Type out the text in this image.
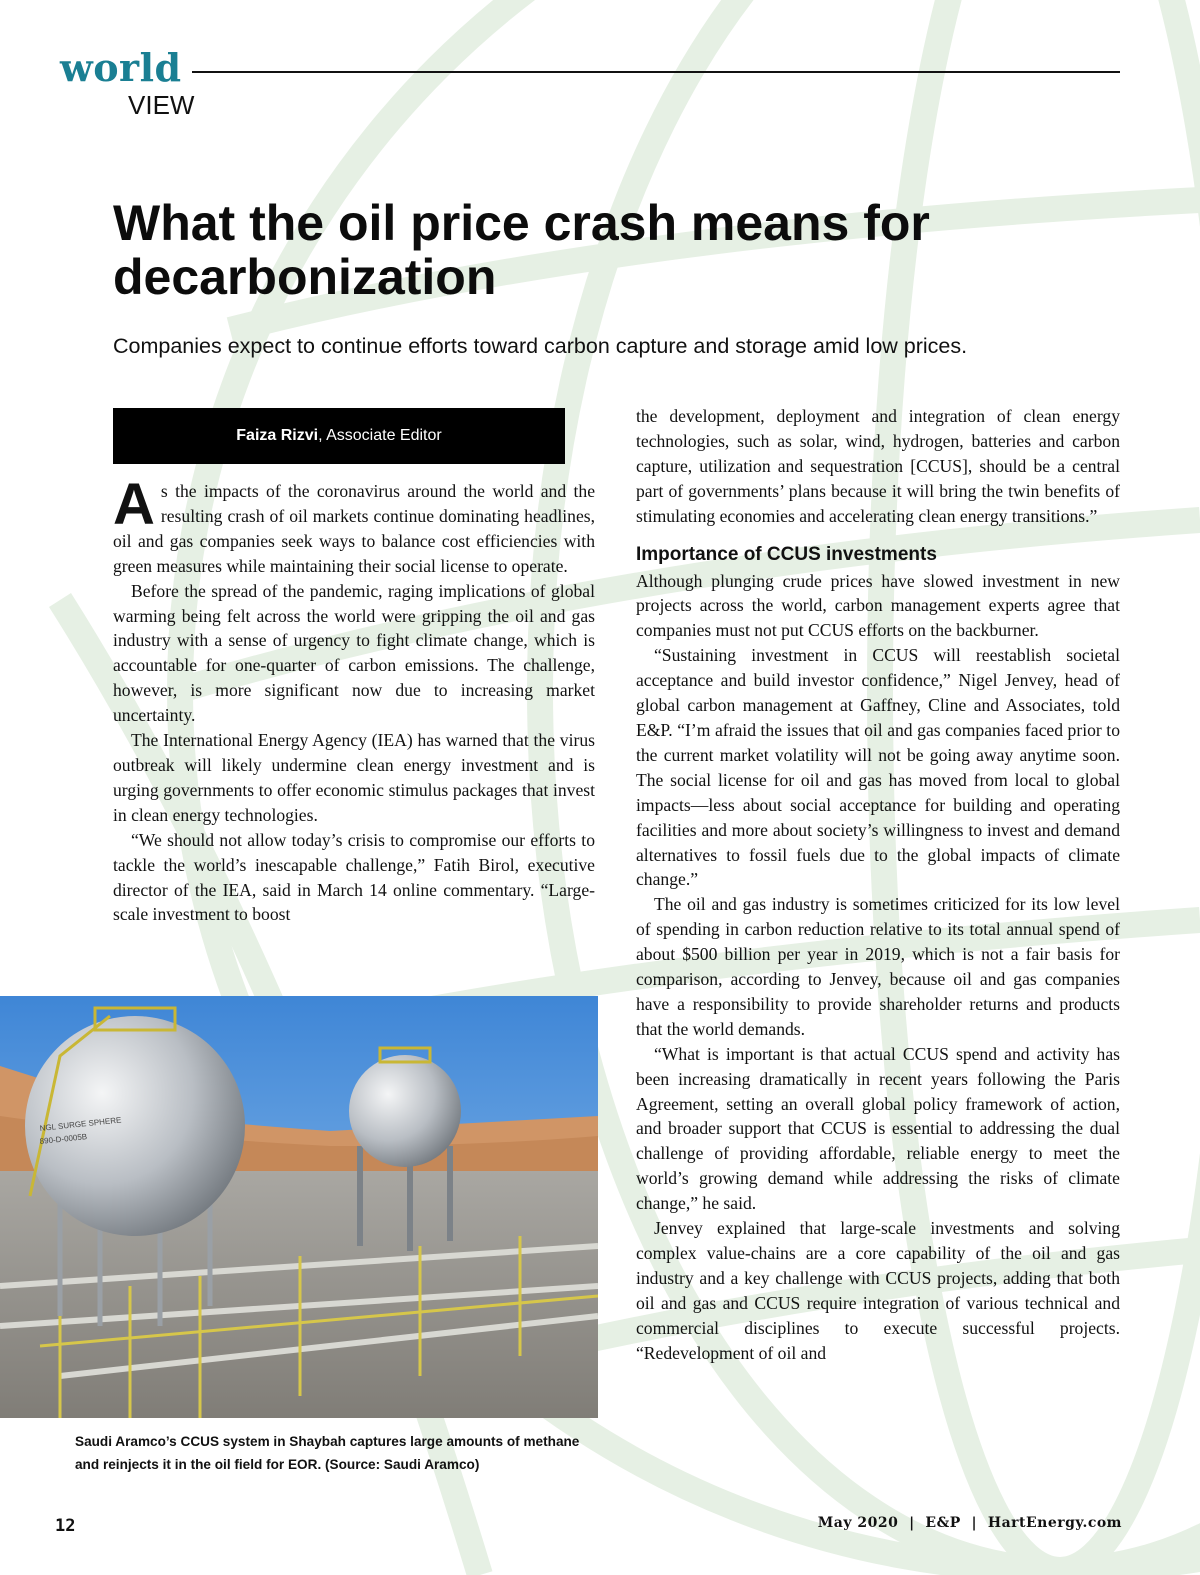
world
VIEW
What the oil price crash means for decarbonization
Companies expect to continue efforts toward carbon capture and storage amid low prices.
Faiza Rizvi , Associate Editor

As the impacts of the coronavirus around the world and the resulting crash of oil markets continue dominating headlines, oil and gas companies seek ways to balance cost efficiencies with green measures while maintaining their social license to operate.

Before the spread of the pandemic, raging implications of global warming being felt across the world were gripping the oil and gas industry with a sense of urgency to fight climate change, which is accountable for one-quarter of carbon emissions. The challenge, however, is more significant now due to increasing market uncertainty.

The International Energy Agency (IEA) has warned that the virus outbreak will likely undermine clean energy investment and is urging governments to offer economic stimulus packages that invest in clean energy technologies.

“We should not allow today’s crisis to compromise our efforts to tackle the world’s inescapable challenge,” Fatih Birol, executive director of the IEA, said in March 14 online commentary. “Large-scale investment to boost

the development, deployment and integration of clean energy technologies, such as solar, wind, hydrogen, batteries and carbon capture, utilization and sequestration [CCUS], should be a central part of governments’ plans because it will bring the twin benefits of stimulating economies and accelerating clean energy transitions.”

Importance of CCUS investments

Although plunging crude prices have slowed investment in new projects across the world, carbon management experts agree that companies must not put CCUS efforts on the backburner.

“Sustaining investment in CCUS will reestablish societal acceptance and build investor confidence,” Nigel Jenvey, head of global carbon management at Gaffney, Cline and Associates, told E&P. “I’m afraid the issues that oil and gas companies faced prior to the current market volatility will not be going away anytime soon. The social license for oil and gas has moved from local to global impacts—less about social acceptance for building and operating facilities and more about society’s willingness to invest and demand alternatives to fossil fuels due to the global impacts of climate change.”

The oil and gas industry is sometimes criticized for its low level of spending in carbon reduction relative to its total annual spend of about $500 billion per year in 2019, which is not a fair basis for comparison, according to Jenvey, because oil and gas companies have a responsibility to provide shareholder returns and products that the world demands.

“What is important is that actual CCUS spend and activity has been increasing dramatically in recent years following the Paris Agreement, setting an overall global policy framework of action, and broader support that CCUS is essential to addressing the dual challenge of providing affordable, reliable energy to meet the world’s growing demand while addressing the risks of climate change,” he said.

Jenvey explained that large-scale investments and solving complex value-chains are a core capability of the oil and gas industry and a key challenge with CCUS projects, adding that both oil and gas and CCUS require integration of various technical and commercial disciplines to execute successful projects. “Redevelopment of oil and

NGL SURGE SPHERE
890-D-0005B
Saudi Aramco’s CCUS system in Shaybah captures large amounts of methane and reinjects it in the oil field for EOR. (Source: Saudi Aramco)
12	May 2020  |  E&P  |  HartEnergy.com
